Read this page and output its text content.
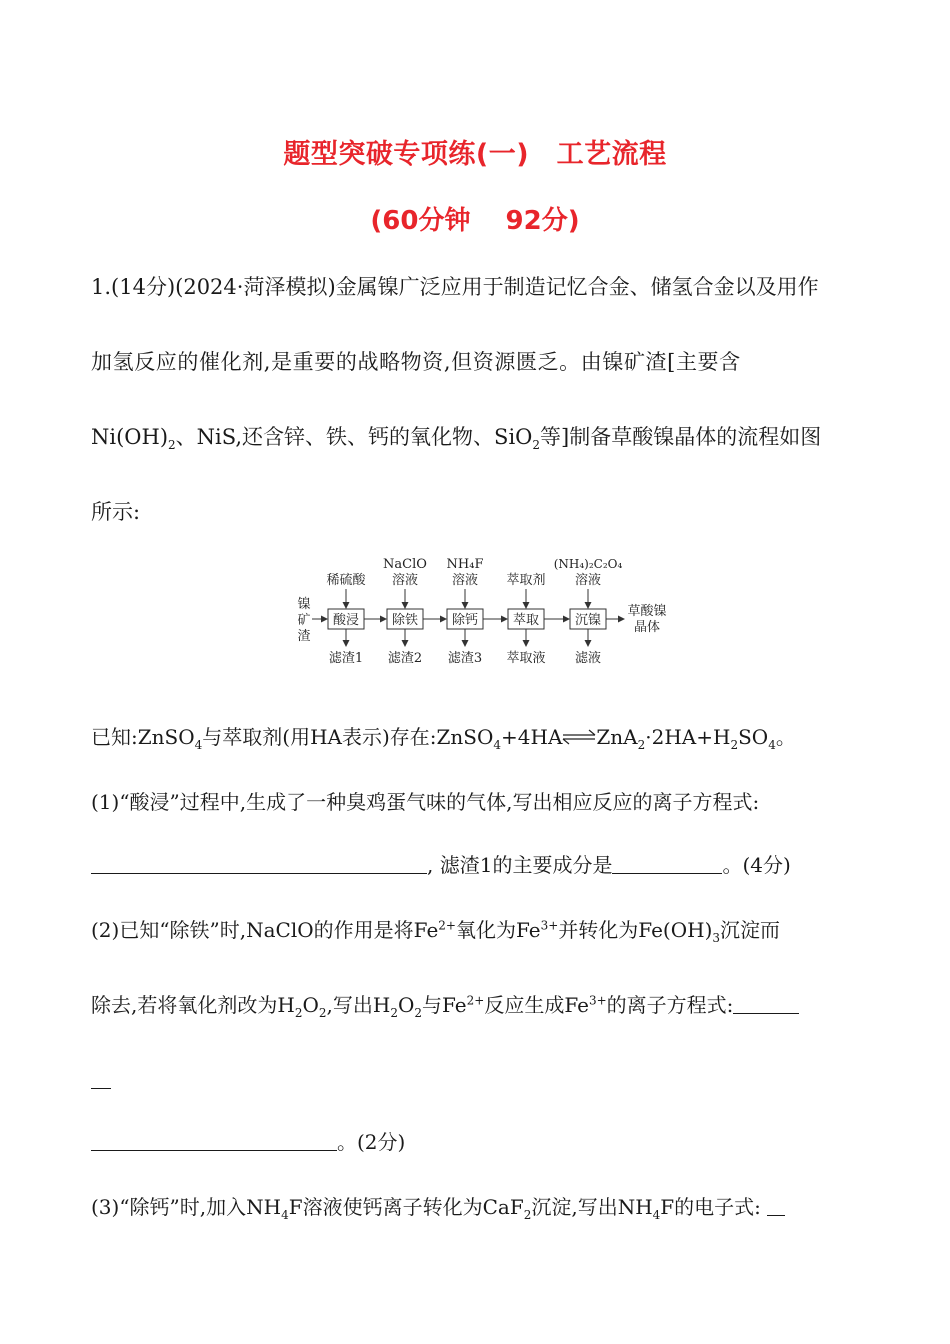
题型突破专项练(一)　工艺流程
(60分钟　 92分)
1.(14分)(2024·菏泽模拟)金属镍广泛应用于制造记忆合金、储氢合金以及用作
加氢反应的催化剂,是重要的战略物资,但资源匮乏。由镍矿渣[主要含
$Ni(OH)_2$、NiS,还含锌、铁、钙的氧化物、SiO$_2$等]制备草酸镍晶体的流程如图
所示:
镍
矿
渣
酸浸	除铁	除钙	萃取	沉镍
稀硫酸
NaClO
溶液
NH₄F
溶液 萃取剂
(NH₄)₂C₂O₄
溶液
滤渣1 滤渣2 滤渣3 萃取液 滤液
草酸镍
晶体
已知:ZnSO$_4$与萃取剂(用HA表示)存在$:ZnSO_4+4HA\rightleftharpoons ZnA_2\cdot 2HA+H_2SO_4$。
(1)“酸浸”过程中,生成了一种臭鸡蛋气味的气体,写出相应反应的离子方程式:
, 滤渣1的主要成分是	。(4分)
(2)已知“除铁”时,NaClO的作用是将$Fe^{2+}$氧化为$Fe^{3+}$并转化为$Fe(OH)_3$沉淀而
除去,若将氧化剂改为$H_2O_2$,写出$H_2O_2$与$Fe^{2+}$反应生成$Fe^{3+}$的离子方程式:
。(2分)
(3)“除钙”时,加入$NH_4F$溶液使钙离子转化为CaF$_2$沉淀,写出$NH_4F$的电子式:
